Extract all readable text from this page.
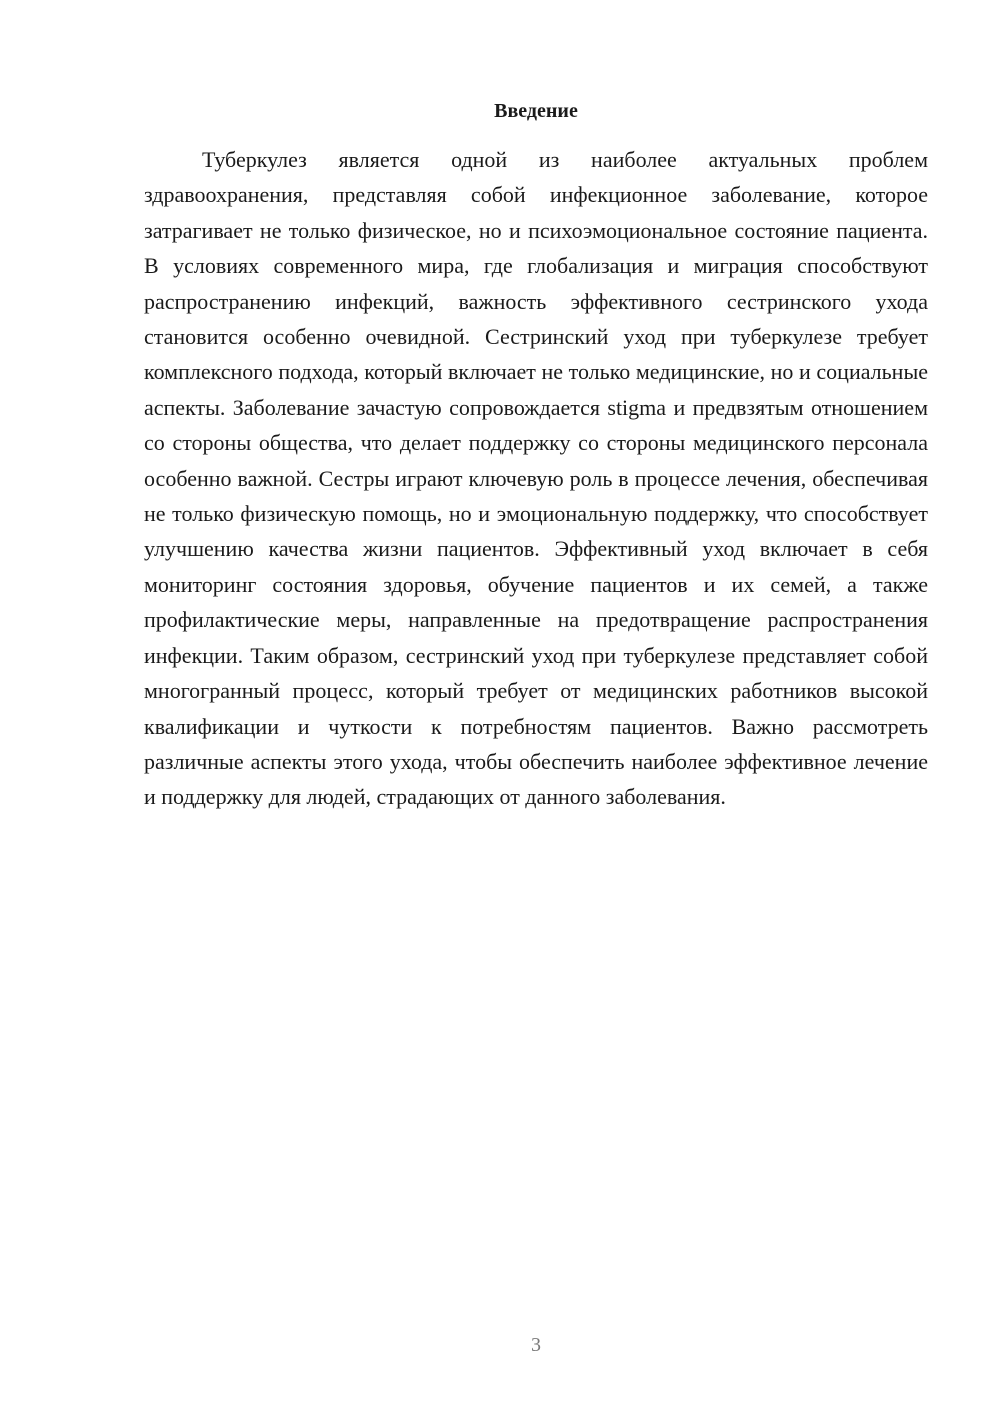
Введение

Туберкулез является одной из наиболее актуальных проблем здравоохранения, представляя собой инфекционное заболевание, которое затрагивает не только физическое, но и психоэмоциональное состояние пациента. В условиях современного мира, где глобализация и миграция способствуют распространению инфекций, важность эффективного сестринского ухода становится особенно очевидной. Сестринский уход при туберкулезе требует комплексного подхода, который включает не только медицинские, но и социальные аспекты. Заболевание зачастую сопровождается stigma и предвзятым отношением со стороны общества, что делает поддержку со стороны медицинского персонала особенно важной. Сестры играют ключевую роль в процессе лечения, обеспечивая не только физическую помощь, но и эмоциональную поддержку, что способствует улучшению качества жизни пациентов. Эффективный уход включает в себя мониторинг состояния здоровья, обучение пациентов и их семей, а также профилактические меры, направленные на предотвращение распространения инфекции. Таким образом, сестринский уход при туберкулезе представляет собой многогранный процесс, который требует от медицинских работников высокой квалификации и чуткости к потребностям пациентов. Важно рассмотреть различные аспекты этого ухода, чтобы обеспечить наиболее эффективное лечение и поддержку для людей, страдающих от данного заболевания.

3
